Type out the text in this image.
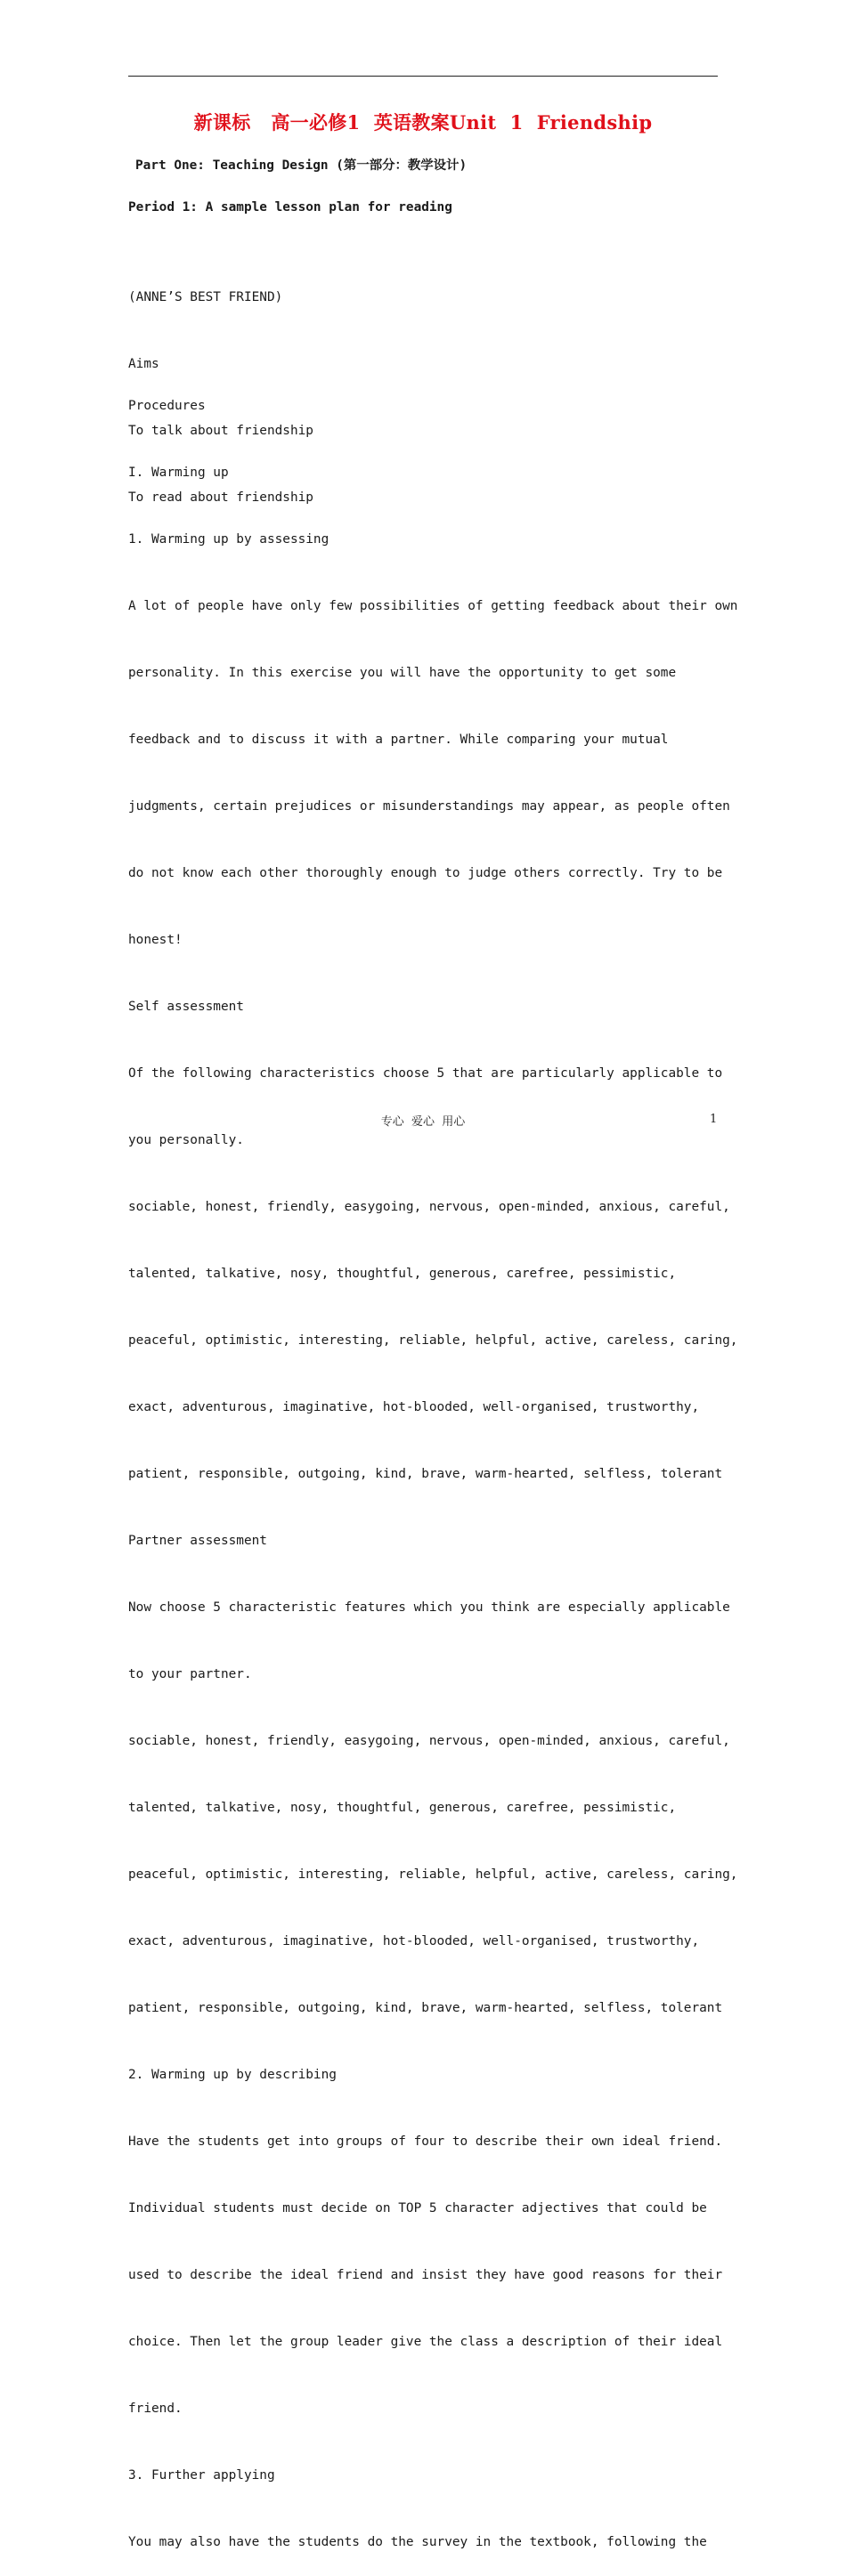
新课标   高一必修1  英语教案Unit  1  Friendship
Part One: Teaching Design (第一部分：教学设计)
Period 1: A sample lesson plan for reading

(ANNE’S BEST FRIEND)

Aims

To talk about friendship

To read about friendship

Procedures

I. Warming up

1. Warming up by assessing

A lot of people have only few possibilities of getting feedback about their own

personality. In this exercise you will have the opportunity to get some

feedback and to discuss it with a partner. While comparing your mutual

judgments, certain prejudices or misunderstandings may appear, as people often

do not know each other thoroughly enough to judge others correctly. Try to be

honest!

Self assessment

Of the following characteristics choose 5 that are particularly applicable to

you personally.

sociable, honest, friendly, easygoing, nervous, open-minded, anxious, careful,

talented, talkative, nosy, thoughtful, generous, carefree, pessimistic,

peaceful, optimistic, interesting, reliable, helpful, active, careless, caring,

exact, adventurous, imaginative, hot-blooded, well-organised, trustworthy,

patient, responsible, outgoing, kind, brave, warm-hearted, selfless, tolerant

Partner assessment

Now choose 5 characteristic features which you think are especially applicable

to your partner.

sociable, honest, friendly, easygoing, nervous, open-minded, anxious, careful,

talented, talkative, nosy, thoughtful, generous, carefree, pessimistic,

peaceful, optimistic, interesting, reliable, helpful, active, careless, caring,

exact, adventurous, imaginative, hot-blooded, well-organised, trustworthy,

patient, responsible, outgoing, kind, brave, warm-hearted, selfless, tolerant

2. Warming up by describing

Have the students get into groups of four to describe their own ideal friend.

Individual students must decide on TOP 5 character adjectives that could be

used to describe the ideal friend and insist they have good reasons for their

choice. Then let the group leader give the class a description of their ideal

friend.

3. Further applying

You may also have the students do the survey in the textbook, following the

专心  爱心  用心	1
